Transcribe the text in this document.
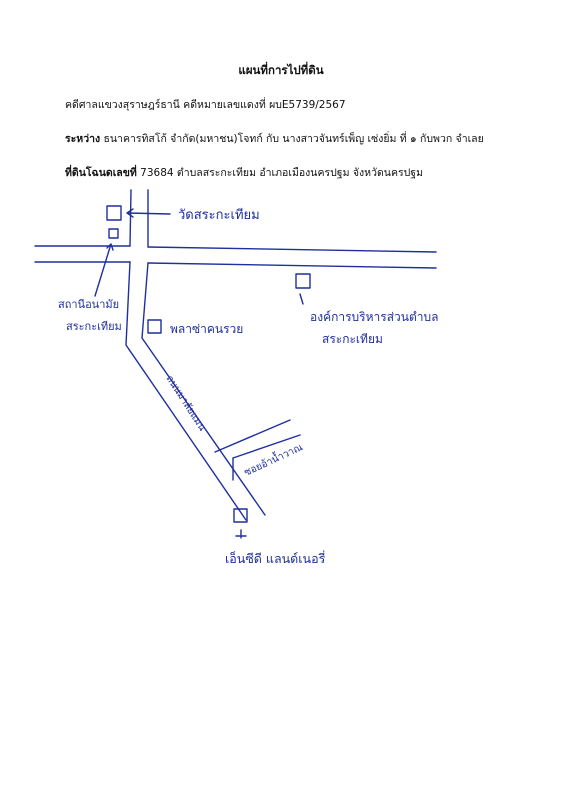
แผนที่การไปที่ดิน
คดีศาลแขวงสุราษฎร์ธานี คดีหมายเลขแดงที่ ผบE5739/2567
ระหว่าง ธนาคารทิสโก้ จำกัด(มหาชน)โจทก์ กับ นางสาวจันทร์เพ็ญ เซ่งยิ่ม ที่ ๑ กับพวก จำเลย
ที่ดินโฉนดเลขที่ 73684 ตำบลสระกะเทียม อำเภอเมืองนครปฐม จังหวัดนครปฐม
วัดสระกะเทียม
สถานีอนามัย
สระกะเทียม	พลาซ่าคนรวย
องค์การบริหารส่วนตำบล
สระกะเทียม
ถนนมาลัยแมน
ซอยอ้าน้ำวาณ
เอ็นซีดี แลนด์เนอรี่
